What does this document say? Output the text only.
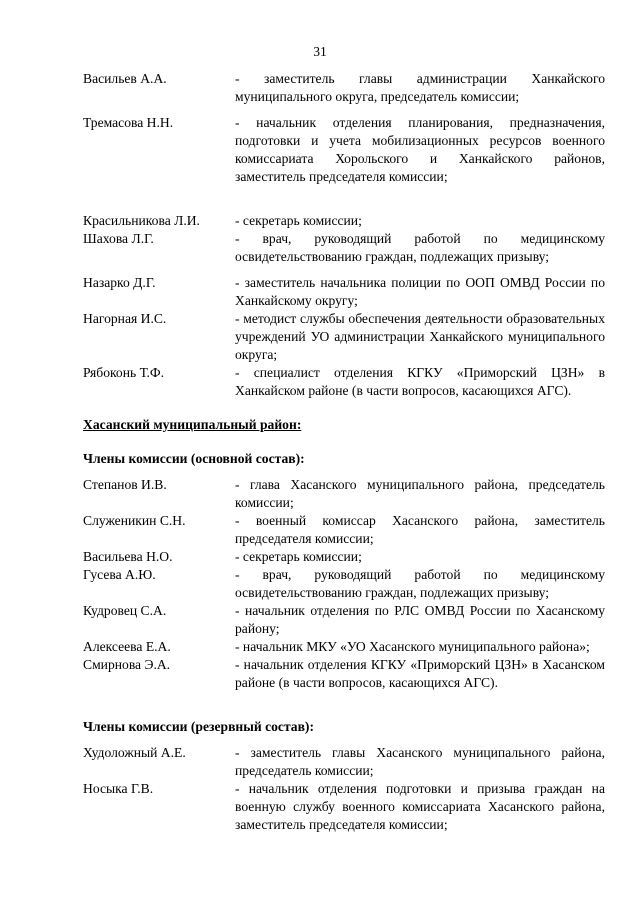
31
Васильев А.А.	- заместитель главы администрации Ханкайского муниципального округа, председатель комиссии;
Тремасова Н.Н.	- начальник отделения планирования, предназначения, подготовки и учета мобилизационных ресурсов военного комиссариата Хорольского и Ханкайского районов, заместитель председателя комиссии;
Красильникова Л.И.	- секретарь комиссии;
Шахова Л.Г.	- врач, руководящий работой по медицинскому освидетельствованию граждан, подлежащих призыву;
Назарко Д.Г.	- заместитель начальника полиции по ООП ОМВД России по Ханкайскому округу;
Нагорная И.С.	- методист службы обеспечения деятельности образовательных учреждений УО администрации Ханкайского муниципального округа;
Рябоконь Т.Ф.	- специалист отделения КГКУ «Приморский ЦЗН» в Ханкайском районе (в части вопросов, касающихся АГС).
Хасанский муниципальный район:
Члены комиссии (основной состав):
Степанов И.В.	- глава Хасанского муниципального района, председатель комиссии;
Служеникин С.Н.	- военный комиссар Хасанского района, заместитель председателя комиссии;
Васильева Н.О.	- секретарь комиссии;
Гусева А.Ю.	- врач, руководящий работой по медицинскому освидетельствованию граждан, подлежащих призыву;
Кудровец С.А.	- начальник отделения по РЛС ОМВД России по Хасанскому району;
Алексеева Е.А.	- начальник МКУ «УО Хасанского муниципального района»;
Смирнова Э.А.	- начальник отделения КГКУ «Приморский ЦЗН» в Хасанском районе (в части вопросов, касающихся АГС).
Члены комиссии (резервный состав):
Худоложный А.Е.	- заместитель главы Хасанского муниципального района, председатель комиссии;
Носыка Г.В.	- начальник отделения подготовки и призыва граждан на военную службу военного комиссариата Хасанского района, заместитель председателя комиссии;
